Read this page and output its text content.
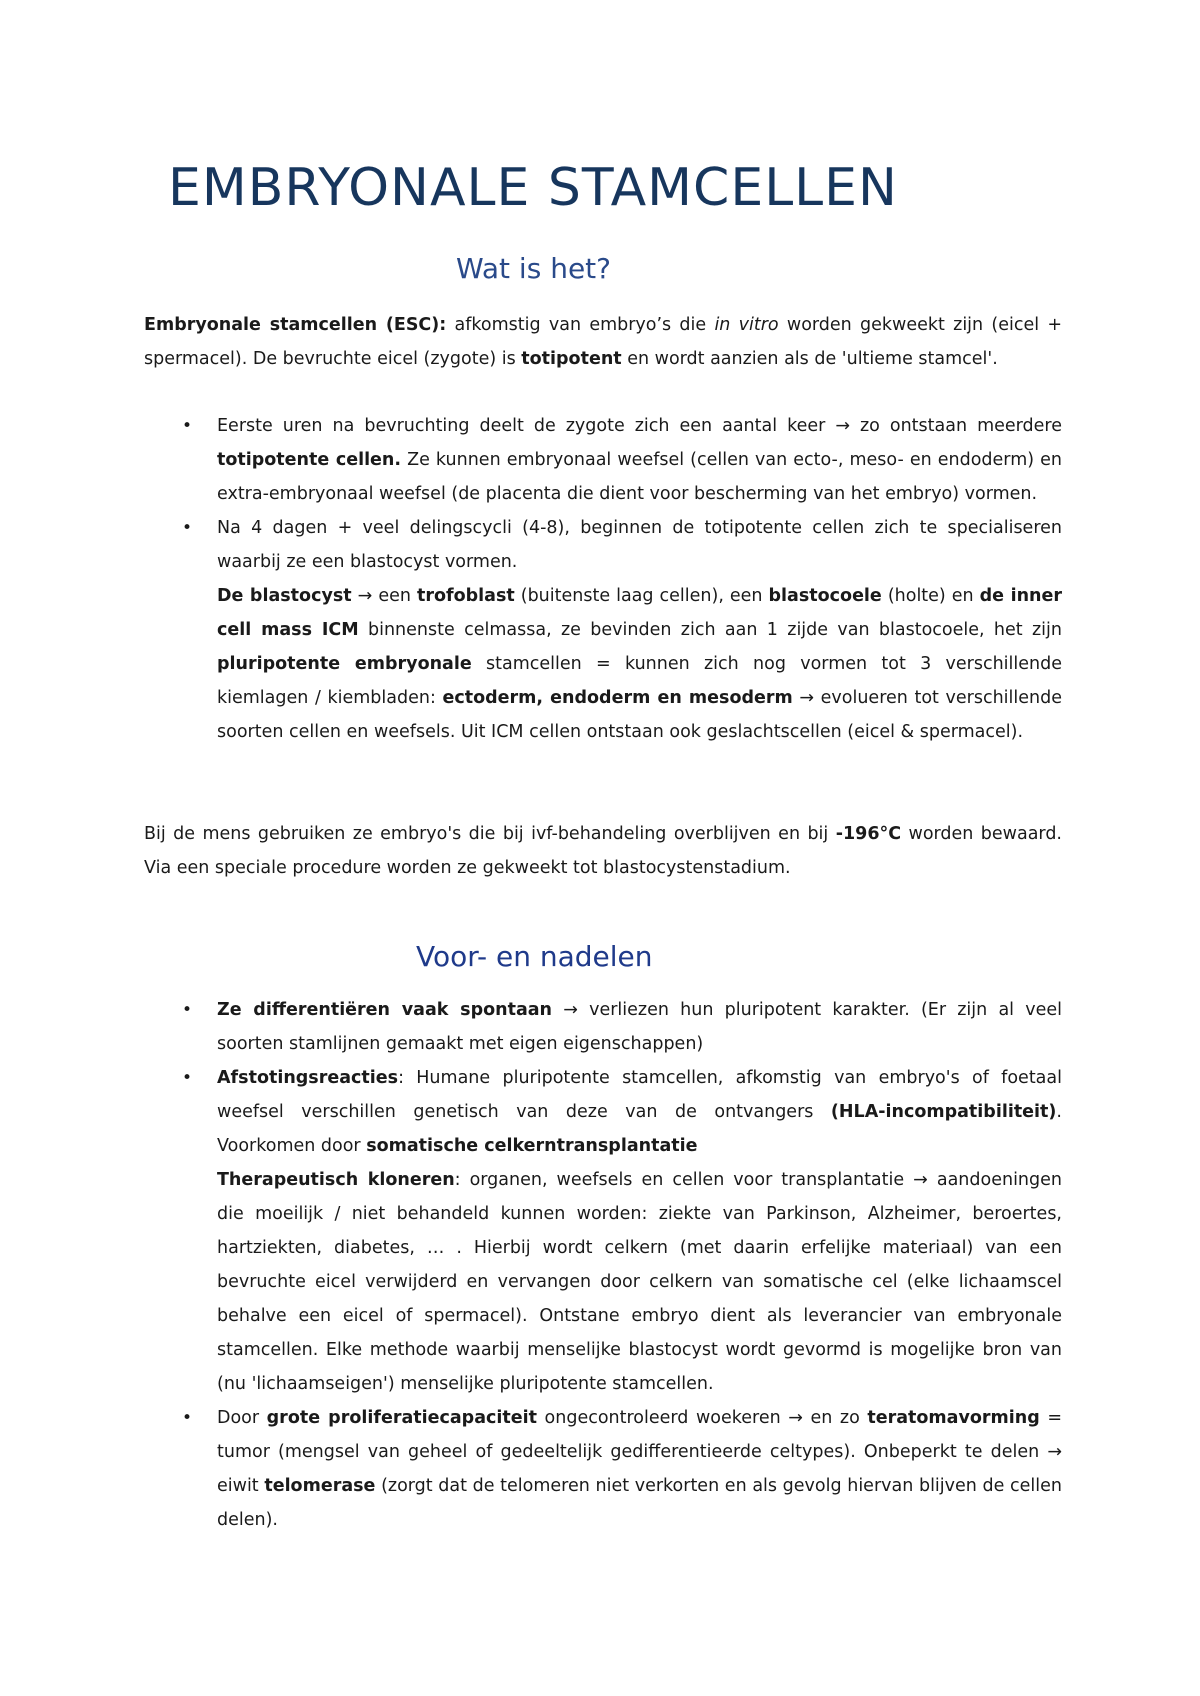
EMBRYONALE STAMCELLEN
Wat is het?

Embryonale stamcellen (ESC): afkomstig van embryo’s die in vitro worden gekweekt zijn (eicel + spermacel). De bevruchte eicel (zygote) is totipotent en wordt aanzien als de 'ultieme stamcel'.

• Eerste uren na bevruchting deelt de zygote zich een aantal keer → zo ontstaan meerdere totipotente cellen. Ze kunnen embryonaal weefsel (cellen van ecto-, meso- en endoderm) en extra-embryonaal weefsel (de placenta die dient voor bescherming van het embryo) vormen.

• Na 4 dagen + veel delingscycli (4-8), beginnen de totipotente cellen zich te specialiseren waarbij ze een blastocyst vormen.

De blastocyst → een trofoblast (buitenste laag cellen), een blastocoele (holte) en de inner cell mass ICM binnenste celmassa, ze bevinden zich aan 1 zijde van blastocoele, het zijn pluripotente embryonale stamcellen = kunnen zich nog vormen tot 3 verschillende kiemlagen / kiembladen: ectoderm, endoderm en mesoderm → evolueren tot verschillende soorten cellen en weefsels. Uit ICM cellen ontstaan ook geslachtscellen (eicel & spermacel).

Bij de mens gebruiken ze embryo's die bij ivf-behandeling overblijven en bij -196°C worden bewaard. Via een speciale procedure worden ze gekweekt tot blastocystenstadium.

Voor- en nadelen
• Ze differentiëren vaak spontaan → verliezen hun pluripotent karakter. (Er zijn al veel soorten stamlijnen gemaakt met eigen eigenschappen)

• Afstotingsreacties: Humane pluripotente stamcellen, afkomstig van embryo's of foetaal weefsel verschillen genetisch van deze van de ontvangers (HLA-incompatibiliteit). Voorkomen door somatische celkerntransplantatie

Therapeutisch kloneren: organen, weefsels en cellen voor transplantatie → aandoeningen die moeilijk / niet behandeld kunnen worden: ziekte van Parkinson, Alzheimer, beroertes, hartziekten, diabetes, … . Hierbij wordt celkern (met daarin erfelijke materiaal) van een bevruchte eicel verwijderd en vervangen door celkern van somatische cel (elke lichaamscel behalve een eicel of spermacel). Ontstane embryo dient als leverancier van embryonale stamcellen. Elke methode waarbij menselijke blastocyst wordt gevormd is mogelijke bron van (nu 'lichaamseigen') menselijke pluripotente stamcellen.

• Door grote proliferatiecapaciteit ongecontroleerd woekeren → en zo teratomavorming = tumor (mengsel van geheel of gedeeltelijk gedifferentieerde celtypes). Onbeperkt te delen → eiwit telomerase (zorgt dat de telomeren niet verkorten en als gevolg hiervan blijven de cellen delen).
